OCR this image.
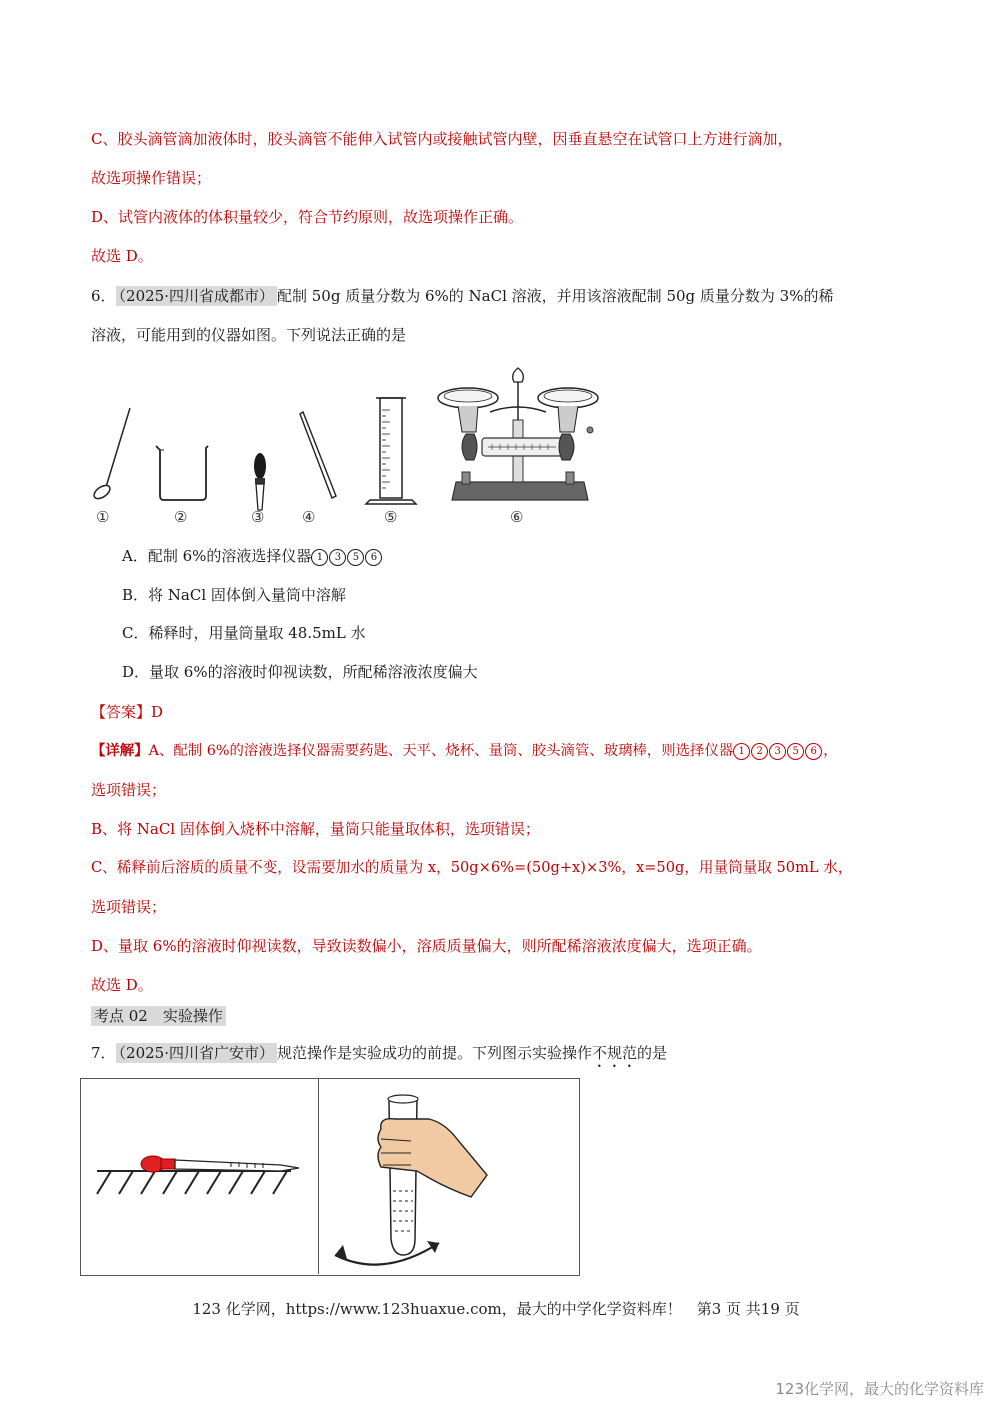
C、胶头滴管滴加液体时，胶头滴管不能伸入试管内或接触试管内壁，因垂直悬空在试管口上方进行滴加，
故选项操作错误；
D、试管内液体的体积量较少，符合节约原则，故选项操作正确。
故选 D。
6． （2025·四川省成都市） 配制 50g 质量分数为 6%的 NaCl 溶液，并用该溶液配制 50g 质量分数为 3%的稀
溶液，可能用到的仪器如图。下列说法正确的是
①	②	③	④	⑤	⑥
A．配制 6%的溶液选择仪器 1 3 5 6
B．将 NaCl 固体倒入量筒中溶解
C．稀释时，用量筒量取 48.5mL 水
D．量取 6%的溶液时仰视读数，所配稀溶液浓度偏大
【答案】D
【详解】A、配制 6%的溶液选择仪器需要药匙、天平、烧杯、量筒、胶头滴管、玻璃棒，则选择仪器 1 2 3 5 6 ，
选项错误；
B、将 NaCl 固体倒入烧杯中溶解，量筒只能量取体积，选项错误；
C、稀释前后溶质的质量不变，设需要加水的质量为 x，50g×6%=(50g+x)×3%，x=50g，用量筒量取 50mL 水，
选项错误；
D、量取 6%的溶液时仰视读数，导致读数偏小，溶质质量偏大，则所配稀溶液浓度偏大，选项正确。
故选 D。
考点 02　实验操作
7． （2025·四川省广安市） 规范操作是实验成功的前提。下列图示实验操作不规范的是
123 化学网，https://www.123huaxue.com，最大的中学化学资料库！　第3 页 共19 页
123化学网，最大的化学资料库
